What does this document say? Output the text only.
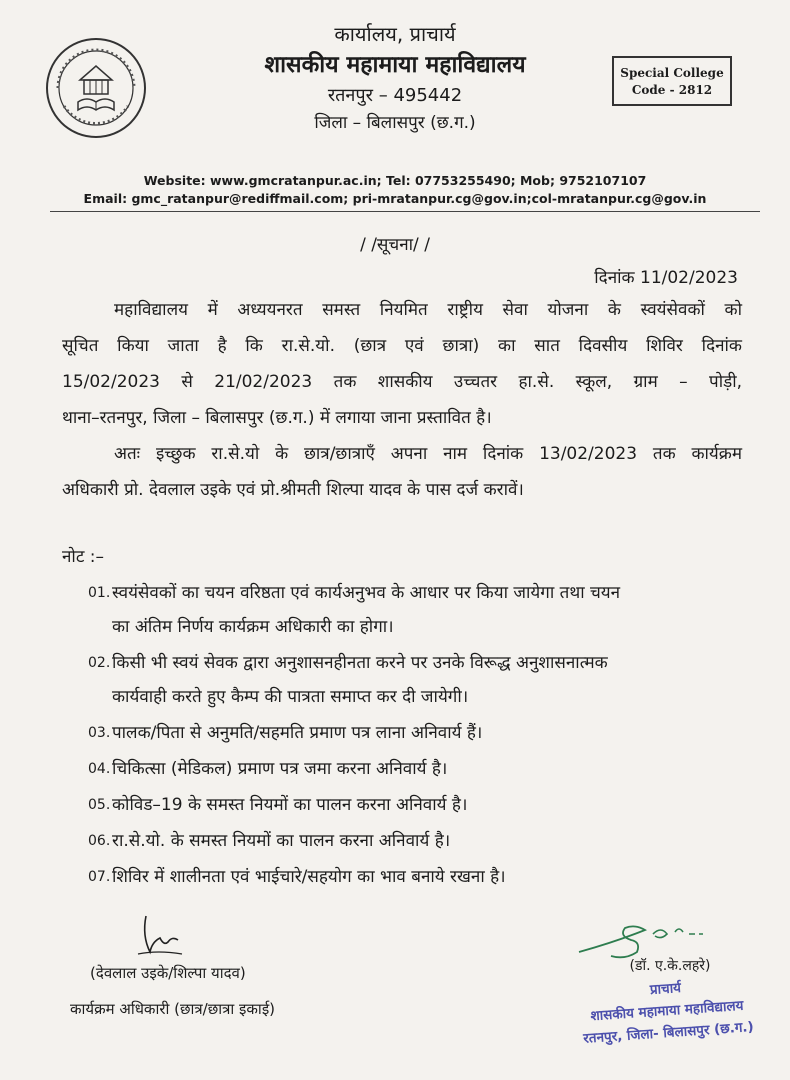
कार्यालय, प्राचार्य
शासकीय महामाया महाविद्यालय
रतनपुर – 495442
जिला – बिलासपुर (छ.ग.)
Special College
Code - 2812
Website: www.gmcratanpur.ac.in; Tel: 07753255490; Mob; 9752107107
Email: gmc_ratanpur@rediffmail.com; pri-mratanpur.cg@gov.in;col-mratanpur.cg@gov.in
/ /सूचना/ /
दिनांक 11/02/2023
महाविद्यालय में अध्ययनरत समस्त नियमित राष्ट्रीय सेवा योजना के स्वयंसेवकों को
सूचित किया जाता है कि रा.से.यो. (छात्र एवं छात्रा) का सात दिवसीय शिविर दिनांक
15/02/2023 से 21/02/2023 तक शासकीय उच्चतर हा.से. स्कूल, ग्राम – पोड़ी,
थाना–रतनपुर, जिला – बिलासपुर (छ.ग.) में लगाया जाना प्रस्तावित है।
अतः इच्छुक रा.से.यो के छात्र/छात्राएँ अपना नाम दिनांक 13/02/2023 तक कार्यक्रम
अधिकारी प्रो. देवलाल उइके एवं प्रो.श्रीमती शिल्पा यादव के पास दर्ज करावें।
नोट :–
01. स्वयंसेवकों का चयन वरिष्ठता एवं कार्यअनुभव के आधार पर किया जायेगा तथा चयन
का अंतिम निर्णय कार्यक्रम अधिकारी का होगा।
02. किसी भी स्वयं सेवक द्वारा अनुशासनहीनता करने पर उनके विरूद्ध अनुशासनात्मक
कार्यवाही करते हुए कैम्प की पात्रता समाप्त कर दी जायेगी।
03. पालक/पिता से अनुमति/सहमति प्रमाण पत्र लाना अनिवार्य हैं।
04. चिकित्सा (मेडिकल) प्रमाण पत्र जमा करना अनिवार्य है।
05. कोविड–19 के समस्त नियमों का पालन करना अनिवार्य है।
06. रा.से.यो. के समस्त नियमों का पालन करना अनिवार्य है।
07. शिविर में शालीनता एवं भाईचारे/सहयोग का भाव बनाये रखना है।
(देवलाल उइके/शिल्पा यादव)
कार्यक्रम अधिकारी (छात्र/छात्रा इकाई)
(डॉ. ए.के.लहरे)
प्राचार्य
शासकीय महामाया महाविद्यालय
रतनपुर, जिला- बिलासपुर (छ.ग.)
